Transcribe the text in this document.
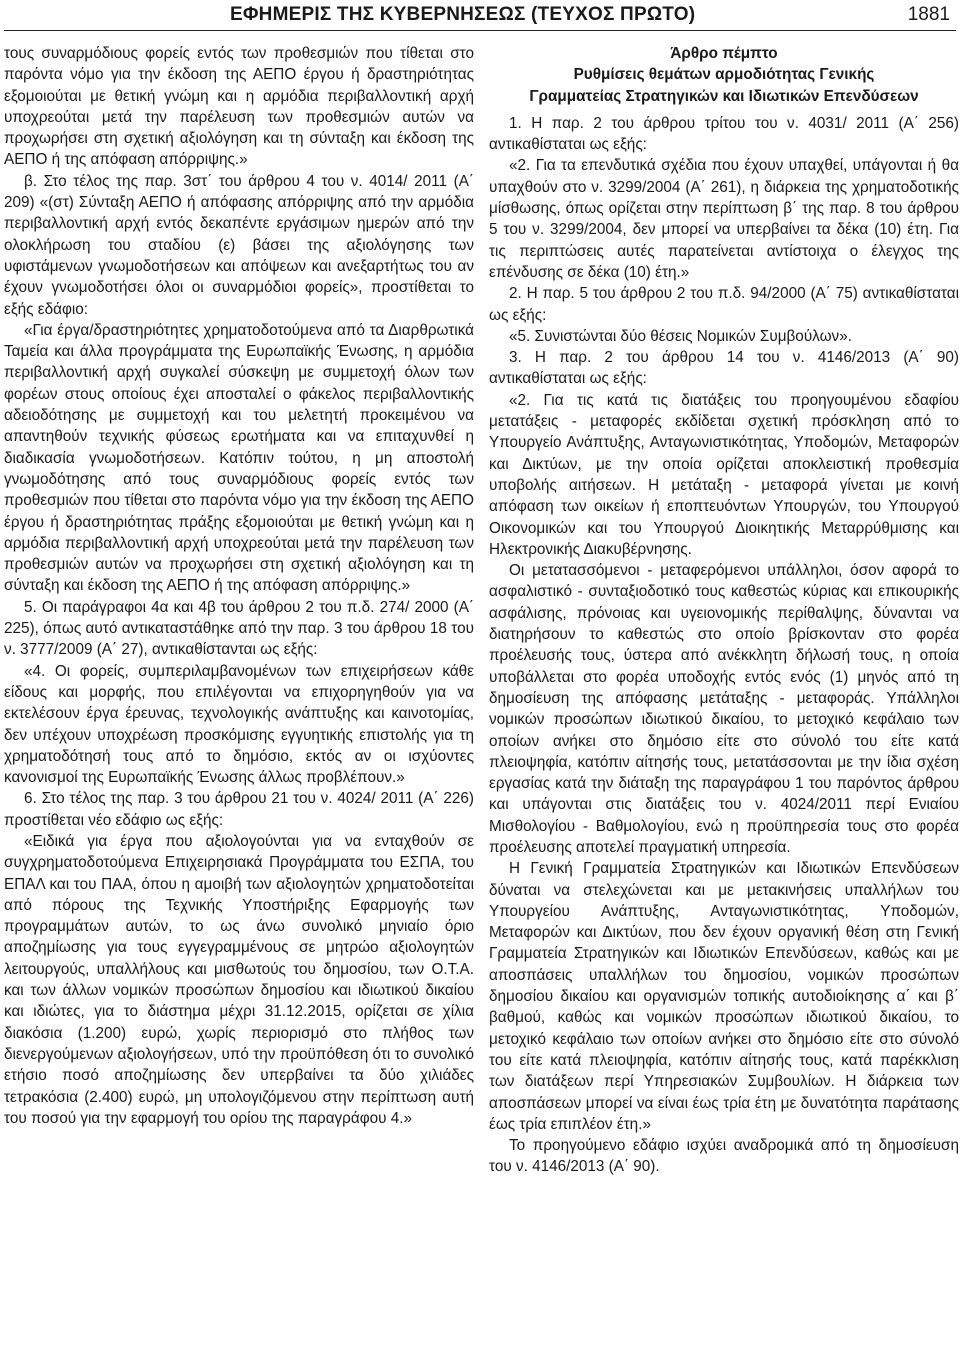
ΕΦΗΜΕΡΙΣ ΤΗΣ ΚΥΒΕΡΝΗΣΕΩΣ (ΤΕΥΧΟΣ ΠΡΩΤΟ)	1881

τους συναρμόδιους φορείς εντός των προθεσμιών που τίθεται στο παρόντα νόμο για την έκδοση της ΑΕΠΟ έργου ή δραστηριότητας εξομοιούται με θετική γνώμη και η αρμόδια περιβαλλοντική αρχή υποχρεούται μετά την παρέλευση των προθεσμιών αυτών να προχωρήσει στη σχετική αξιολόγηση και τη σύνταξη και έκδοση της ΑΕΠΟ ή της απόφαση απόρριψης.»

β. Στο τέλος της παρ. 3στ΄ του άρθρου 4 του ν. 4014/ 2011 (Α΄ 209) «(στ) Σύνταξη ΑΕΠΟ ή απόφασης απόρριψης από την αρμόδια περιβαλλοντική αρχή εντός δεκαπέντε εργάσιμων ημερών από την ολοκλήρωση του σταδίου (ε) βάσει της αξιολόγησης των υφιστάμενων γνωμοδοτήσεων και απόψεων και ανεξαρτήτως του αν έχουν γνωμοδοτήσει όλοι οι συναρμόδιοι φορείς», προστίθεται το εξής εδάφιο:

«Για έργα/δραστηριότητες χρηματοδοτούμενα από τα Διαρθρωτικά Ταμεία και άλλα προγράμματα της Ευρωπαϊκής Ένωσης, η αρμόδια περιβαλλοντική αρχή συγκαλεί σύσκεψη με συμμετοχή όλων των φορέων στους οποίους έχει αποσταλεί ο φάκελος περιβαλλοντικής αδειοδότησης με συμμετοχή και του μελετητή προκειμένου να απαντηθούν τεχνικής φύσεως ερωτήματα και να επιταχυνθεί η διαδικασία γνωμοδοτήσεων. Κατόπιν τούτου, η μη αποστολή γνωμοδότησης από τους συναρμόδιους φορείς εντός των προθεσμιών που τίθεται στο παρόντα νόμο για την έκδοση της ΑΕΠΟ έργου ή δραστηριότητας πράξης εξομοιούται με θετική γνώμη και η αρμόδια περιβαλλοντική αρχή υποχρεούται μετά την παρέλευση των προθεσμιών αυτών να προχωρήσει στη σχετική αξιολόγηση και τη σύνταξη και έκδοση της ΑΕΠΟ ή της απόφαση απόρριψης.»

5. Οι παράγραφοι 4α και 4β του άρθρου 2 του π.δ. 274/ 2000 (Α΄ 225), όπως αυτό αντικαταστάθηκε από την παρ. 3 του άρθρου 18 του ν. 3777/2009 (Α΄ 27), αντικαθίστανται ως εξής:

«4. Οι φορείς, συμπεριλαμβανομένων των επιχειρήσεων κάθε είδους και μορφής, που επιλέγονται να επιχορηγηθούν για να εκτελέσουν έργα έρευνας, τεχνολογικής ανάπτυξης και καινοτομίας, δεν υπέχουν υποχρέωση προσκόμισης εγγυητικής επιστολής για τη χρηματοδότησή τους από το δημόσιο, εκτός αν οι ισχύοντες κανονισμοί της Ευρωπαϊκής Ένωσης άλλως προβλέπουν.»

6. Στο τέλος της παρ. 3 του άρθρου 21 του ν. 4024/ 2011 (Α΄ 226) προστίθεται νέο εδάφιο ως εξής:

«Ειδικά για έργα που αξιολογούνται για να ενταχθούν σε συγχρηματοδοτούμενα Επιχειρησιακά Προγράμματα του ΕΣΠΑ, του ΕΠΑΛ και του ΠΑΑ, όπου η αμοιβή των αξιολογητών χρηματοδοτείται από πόρους της Τεχνικής Υποστήριξης Εφαρμογής των προγραμμάτων αυτών, το ως άνω συνολικό μηνιαίο όριο αποζημίωσης για τους εγγεγραμμένους σε μητρώο αξιολογητών λειτουργούς, υπαλλήλους και μισθωτούς του δημοσίου, των Ο.Τ.Α. και των άλλων νομικών προσώπων δημοσίου και ιδιωτικού δικαίου και ιδιώτες, για το διάστημα μέχρι 31.12.2015, ορίζεται σε χίλια διακόσια (1.200) ευρώ, χωρίς περιορισμό στο πλήθος των διενεργούμενων αξιολογήσεων, υπό την προϋπόθεση ότι το συνολικό ετήσιο ποσό αποζημίωσης δεν υπερβαίνει τα δύο χιλιάδες τετρακόσια (2.400) ευρώ, μη υπολογιζόμενου στην περίπτωση αυτή του ποσού για την εφαρμογή του ορίου της παραγράφου 4.»

Άρθρο πέμπτο
Ρυθμίσεις θεμάτων αρμοδιότητας Γενικής
Γραμματείας Στρατηγικών και Ιδιωτικών Επενδύσεων

1. Η παρ. 2 του άρθρου τρίτου του ν. 4031/ 2011 (Α΄ 256) αντικαθίσταται ως εξής:

«2. Για τα επενδυτικά σχέδια που έχουν υπαχθεί, υπάγονται ή θα υπαχθούν στο ν. 3299/2004 (Α΄ 261), η διάρκεια της χρηματοδοτικής μίσθωσης, όπως ορίζεται στην περίπτωση β΄ της παρ. 8 του άρθρου 5 του ν. 3299/2004, δεν μπορεί να υπερβαίνει τα δέκα (10) έτη. Για τις περιπτώσεις αυτές παρατείνεται αντίστοιχα ο έλεγχος της επένδυσης σε δέκα (10) έτη.»

2. Η παρ. 5 του άρθρου 2 του π.δ. 94/2000 (Α΄ 75) αντικαθίσταται ως εξής:

«5. Συνιστώνται δύο θέσεις Νομικών Συμβούλων».

3. Η παρ. 2 του άρθρου 14 του ν. 4146/2013 (Α΄ 90) αντικαθίσταται ως εξής:

«2. Για τις κατά τις διατάξεις του προηγουμένου εδαφίου μετατάξεις - μεταφορές εκδίδεται σχετική πρόσκληση από το Υπουργείο Ανάπτυξης, Ανταγωνιστικότητας, Υποδομών, Μεταφορών και Δικτύων, με την οποία ορίζεται αποκλειστική προθεσμία υποβολής αιτήσεων. Η μετάταξη - μεταφορά γίνεται με κοινή απόφαση των οικείων ή εποπτευόντων Υπουργών, του Υπουργού Οικονομικών και του Υπουργού Διοικητικής Μεταρρύθμισης και Ηλεκτρονικής Διακυβέρνησης.

Οι μετατασσόμενοι - μεταφερόμενοι υπάλληλοι, όσον αφορά το ασφαλιστικό - συνταξιοδοτικό τους καθεστώς κύριας και επικουρικής ασφάλισης, πρόνοιας και υγειονομικής περίθαλψης, δύνανται να διατηρήσουν το καθεστώς στο οποίο βρίσκονταν στο φορέα προέλευσής τους, ύστερα από ανέκκλητη δήλωσή τους, η οποία υποβάλλεται στο φορέα υποδοχής εντός ενός (1) μηνός από τη δημοσίευση της απόφασης μετάταξης - μεταφοράς. Υπάλληλοι νομικών προσώπων ιδιωτικού δικαίου, το μετοχικό κεφάλαιο των οποίων ανήκει στο δημόσιο είτε στο σύνολό του είτε κατά πλειοψηφία, κατόπιν αίτησής τους, μετατάσσονται με την ίδια σχέση εργασίας κατά την διάταξη της παραγράφου 1 του παρόντος άρθρου και υπάγονται στις διατάξεις του ν. 4024/2011 περί Ενιαίου Μισθολογίου - Βαθμολογίου, ενώ η προϋπηρεσία τους στο φορέα προέλευσης αποτελεί πραγματική υπηρεσία.

Η Γενική Γραμματεία Στρατηγικών και Ιδιωτικών Επενδύσεων δύναται να στελεχώνεται και με μετακινήσεις υπαλλήλων του Υπουργείου Ανάπτυξης, Ανταγωνιστικότητας, Υποδομών, Μεταφορών και Δικτύων, που δεν έχουν οργανική θέση στη Γενική Γραμματεία Στρατηγικών και Ιδιωτικών Επενδύσεων, καθώς και με αποσπάσεις υπαλλήλων του δημοσίου, νομικών προσώπων δημοσίου δικαίου και οργανισμών τοπικής αυτοδιοίκησης α΄ και β΄ βαθμού, καθώς και νομικών προσώπων ιδιωτικού δικαίου, το μετοχικό κεφάλαιο των οποίων ανήκει στο δημόσιο είτε στο σύνολό του είτε κατά πλειοψηφία, κατόπιν αίτησής τους, κατά παρέκκλιση των διατάξεων περί Υπηρεσιακών Συμβουλίων. Η διάρκεια των αποσπάσεων μπορεί να είναι έως τρία έτη με δυνατότητα παράτασης έως τρία επιπλέον έτη.»

Το προηγούμενο εδάφιο ισχύει αναδρομικά από τη δημοσίευση του ν. 4146/2013 (Α΄ 90).
